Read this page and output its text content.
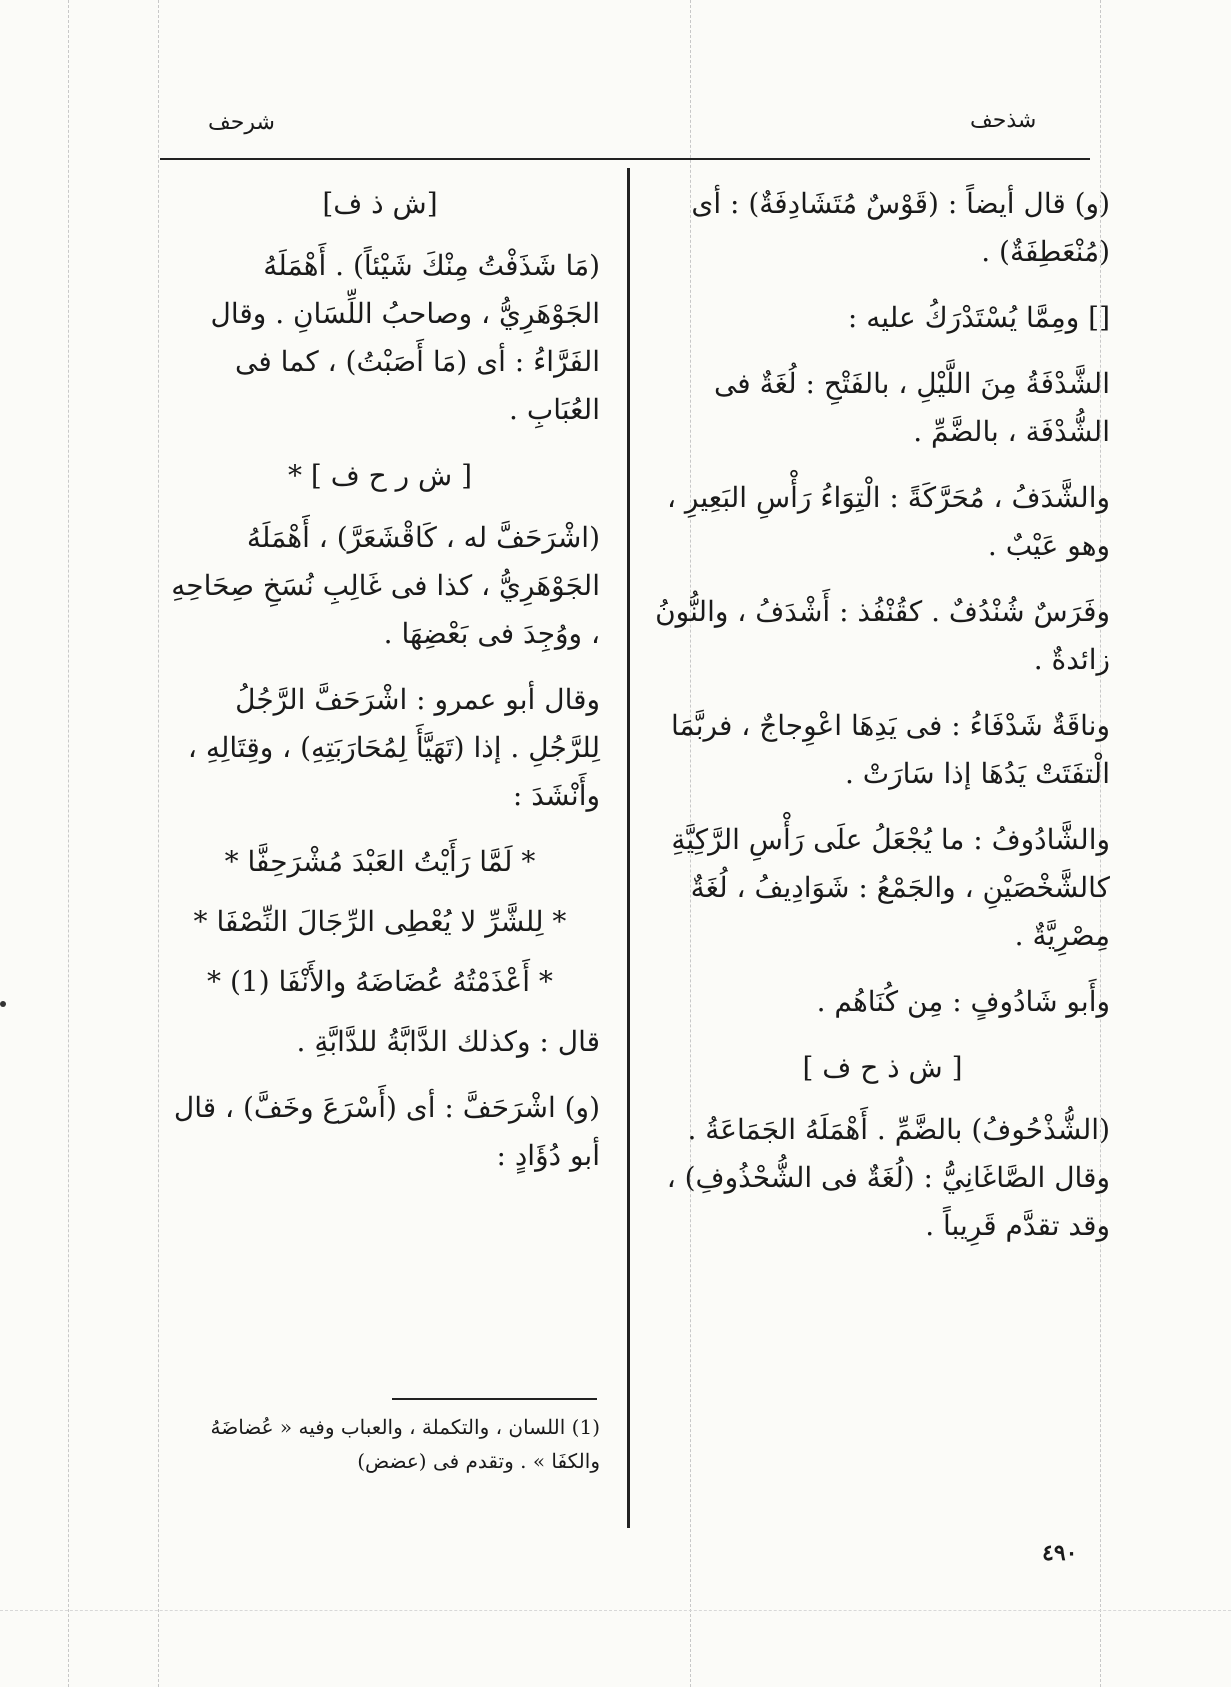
شذحف
شرحف

(و) قال أيضاً : (قَوْسٌ مُتَشَادِفَةٌ) : أى (مُنْعَطِفَةٌ) .

[] ومِمَّا يُسْتَدْرَكُ عليه :

الشَّدْفَةُ مِنَ اللَّيْلِ ، بالفَتْحِ : لُغَةٌ فى الشُّدْفَة ، بالضَّمِّ .

والشَّدَفُ ، مُحَرَّكَةً : الْتِوَاءُ رَأْسِ البَعِيرِ ، وهو عَيْبٌ .

وفَرَسٌ شُنْدُفٌ . كقُنْفُذ : أَشْدَفُ ، والنُّونُ زائدةٌ .

وناقَةٌ شَدْفَاءُ : فى يَدِهَا اعْوِجاجٌ ، فربَّمَا الْتفَتَتْ يَدُهَا إذا سَارَتْ .

والشَّادُوفُ : ما يُجْعَلُ علَى رَأْسِ الرَّكِيَّةِ كالشَّخْصَيْنِ ، والجَمْعُ : شَوَادِيفُ ، لُغَةٌ مِصْرِيَّةٌ .

وأَبو شَادُوفٍ : مِن كُنَاهُم .

[ ش ذ ح ف ]

(الشُّذْحُوفُ) بالضَّمِّ . أَهْمَلَهُ الجَمَاعَةُ . وقال الصَّاغَانِيُّ : (لُغَةٌ فى الشُّحْذُوفِ) ، وقد تقدَّم قَرِيباً .

[ش ذ ف]

(مَا شَذَفْتُ مِنْكَ شَيْئاً) . أَهْمَلَهُ الجَوْهَرِيُّ ، وصاحبُ اللِّسَانِ . وقال الفَرَّاءُ : أى (مَا أَصَبْتُ) ، كما فى العُبَابِ .

[ ش ر ح ف ] *

(اشْرَحَفَّ له ، كَاقْشَعَرَّ) ، أَهْمَلَهُ الجَوْهَرِيُّ ، كذا فى غَالِبِ نُسَخِ صِحَاحِهِ ، ووُجِدَ فى بَعْضِهَا .

وقال أبو عمرو : اشْرَحَفَّ الرَّجُلُ لِلرَّجُلِ . إذا (تَهَيَّأَ لِمُحَارَبَتِهِ) ، وقِتَالِهِ ، وأَنْشَدَ :

* لَمَّا رَأَيْتُ العَبْدَ مُشْرَحِفَّا *

* لِلشَّرِّ لا يُعْطِى الرِّجَالَ النِّصْفَا *

* أَعْذَمْتُهُ عُضَاضَهُ والأَنْفَا (1) *

قال : وكذلك الدَّابَّةُ للدَّابَّةِ .

(و) اشْرَحَفَّ : أى (أَسْرَعَ وخَفَّ) ، قال أبو دُؤَادٍ :

(1) اللسان ، والتكملة ، والعباب وفيه « عُضاضَهُ والكفَا » . وتقدم فى (عضض)
٤٩٠
